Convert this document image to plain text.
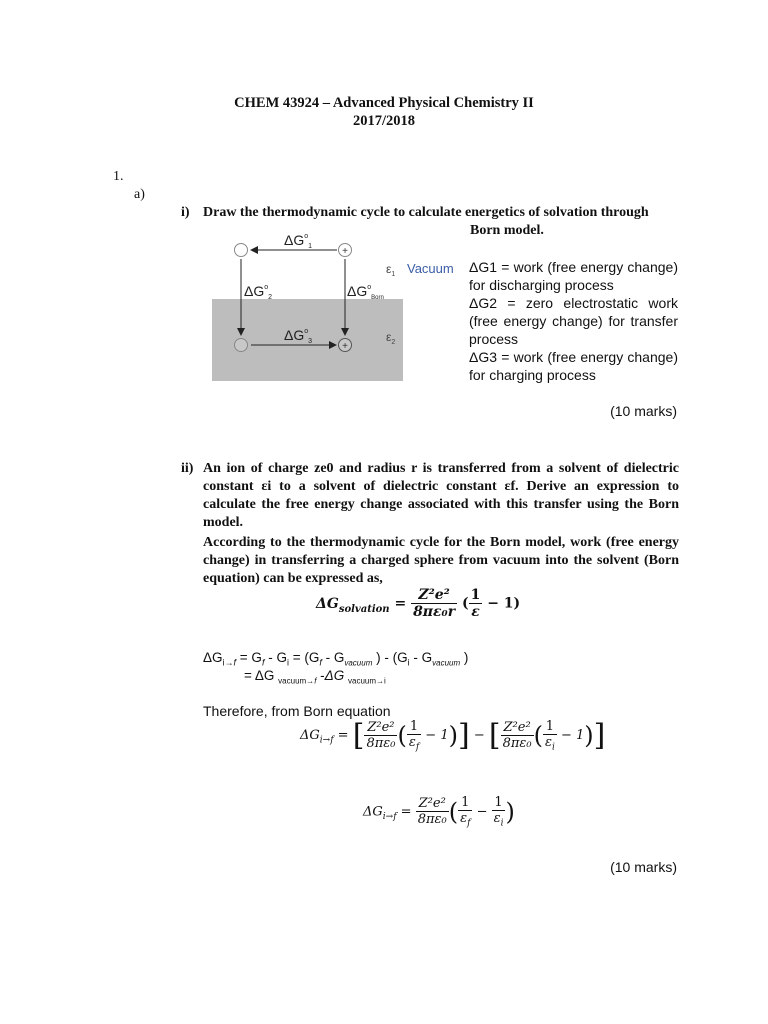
CHEM 43924 – Advanced Physical Chemistry II
2017/2018
1.
a)
i) Draw the thermodynamic cycle to calculate energetics of solvation through
Born model.
+
+
$\Delta G^o_1$
$\Delta G^o_2$	$\Delta G^o_{Born}$
$\Delta G^o_3$
$\varepsilon_1$ Vacuum
$\varepsilon_2$
ΔG1 = work (free energy change) for discharging process
ΔG2 = zero electrostatic work (free energy change) for transfer process
ΔG3 = work (free energy change) for charging process
(10 marks)
ii) An ion of charge ze0 and radius r is transferred from a solvent of dielectric constant εi to a solvent of dielectric constant εf. Derive an expression to calculate the free energy change associated with this transfer using the Born model.
According to the thermodynamic cycle for the Born model, work (free energy change) in transferring a charged sphere from vacuum into the solvent (Born equation) can be expressed as,
$\Delta G_{solvation} = \frac{\text{Z²e²}}{\text{8πε₀r}}$ ( $\frac{1}{\varepsilon} - 1$)
$\Delta G_{i\to f} = G_f - G_i = (G_f - G_{vacuum}$ ) - ($G_i - G_{vacuum}$ )
= ΔG $_{vacuum\to f}$ -ΔG $_{vacuum\to i}$
Therefore, from Born equation
$\Delta G_{i\to f}$ = [ $\frac{\text{Z²e²}}{\text{8πε₀}}$ ( $\frac{1}{\varepsilon_f} - 1$)] − [ $\frac{\text{Z²e²}}{\text{8πε₀}}$ ( $\frac{1}{\varepsilon_i} - 1$)]
$\Delta G_{i\to f} = \frac{\text{Z²e²}}{\text{8πε₀}}$ ( $\frac{1}{\varepsilon_f} - \frac{1}{\varepsilon_i}$ )
(10 marks)
